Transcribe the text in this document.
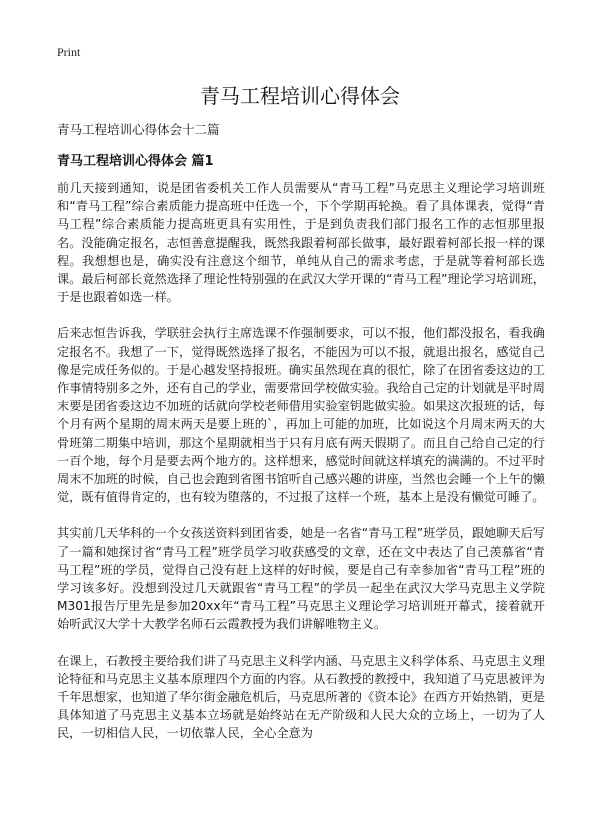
Print
青马工程培训心得体会
青马工程培训心得体会十二篇
青马工程培训心得体会 篇1

前几天接到通知，说是团省委机关工作人员需要从“青马工程”马克思主义理论学习培训班和“青马工程”综合素质能力提高班中任选一个，下个学期再轮换。看了具体课表，觉得“青马工程”综合素质能力提高班更具有实用性，于是到负责我们部门报名工作的志恒那里报名。没能确定报名，志恒善意提醒我，既然我跟着柯部长做事，最好跟着柯部长报一样的课程。我想想也是，确实没有注意这个细节，单纯从自己的需求考虑，于是就等着柯部长选课。最后柯部长竟然选择了理论性特别强的在武汉大学开课的“青马工程”理论学习培训班，于是也跟着如选一样。

后来志恒告诉我，学联驻会执行主席选课不作强制要求，可以不报，他们都没报名，看我确定报名不。我想了一下，觉得既然选择了报名，不能因为可以不报，就退出报名，感觉自己像是完成任务似的。于是心越发坚持报班。确实虽然现在真的很忙，除了在团省委这边的工作事情特别多之外，还有自己的学业，需要常回学校做实验。我给自己定的计划就是平时周末要是团省委这边不加班的话就向学校老师借用实验室钥匙做实验。如果这次报班的话，每个月有两个星期的周末两天是要上班的`，再加上可能的加班，比如说这个月周末两天的大骨班第二期集中培训，那这个星期就相当于只有月底有两天假期了。而且自己给自己定的行一百个地，每个月是要去两个地方的。这样想来，感觉时间就这样填充的满满的。不过平时周末不加班的时候，自己也会跑到省图书馆听自己感兴趣的讲座，当然也会睡一个上午的懒觉，既有值得肯定的，也有较为堕落的，不过报了这样一个班，基本上是没有懒觉可睡了。

其实前几天华科的一个女孩送资料到团省委，她是一名省“青马工程”班学员，跟她聊天后写了一篇和她探讨省“青马工程”班学员学习收获感受的文章，还在文中表达了自己羡慕省“青马工程”班的学员，觉得自己没有赶上这样的好时候，要是自己有幸参加省“青马工程”班的学习该多好。没想到没过几天就跟省“青马工程”的学员一起坐在武汉大学马克思主义学院M301报告厅里先是参加20xx年“青马工程”马克思主义理论学习培训班开幕式，接着就开始听武汉大学十大教学名师石云霞教授为我们讲解唯物主义。

在课上，石教授主要给我们讲了马克思主义科学内涵、马克思主义科学体系、马克思主义理论特征和马克思主义基本原理四个方面的内容。从石教授的教授中，我知道了马克思被评为千年思想家，也知道了华尔街金融危机后，马克思所著的《资本论》在西方开始热销，更是具体知道了马克思主义基本立场就是始终站在无产阶级和人民大众的立场上，一切为了人民，一切相信人民，一切依靠人民，全心全意为
